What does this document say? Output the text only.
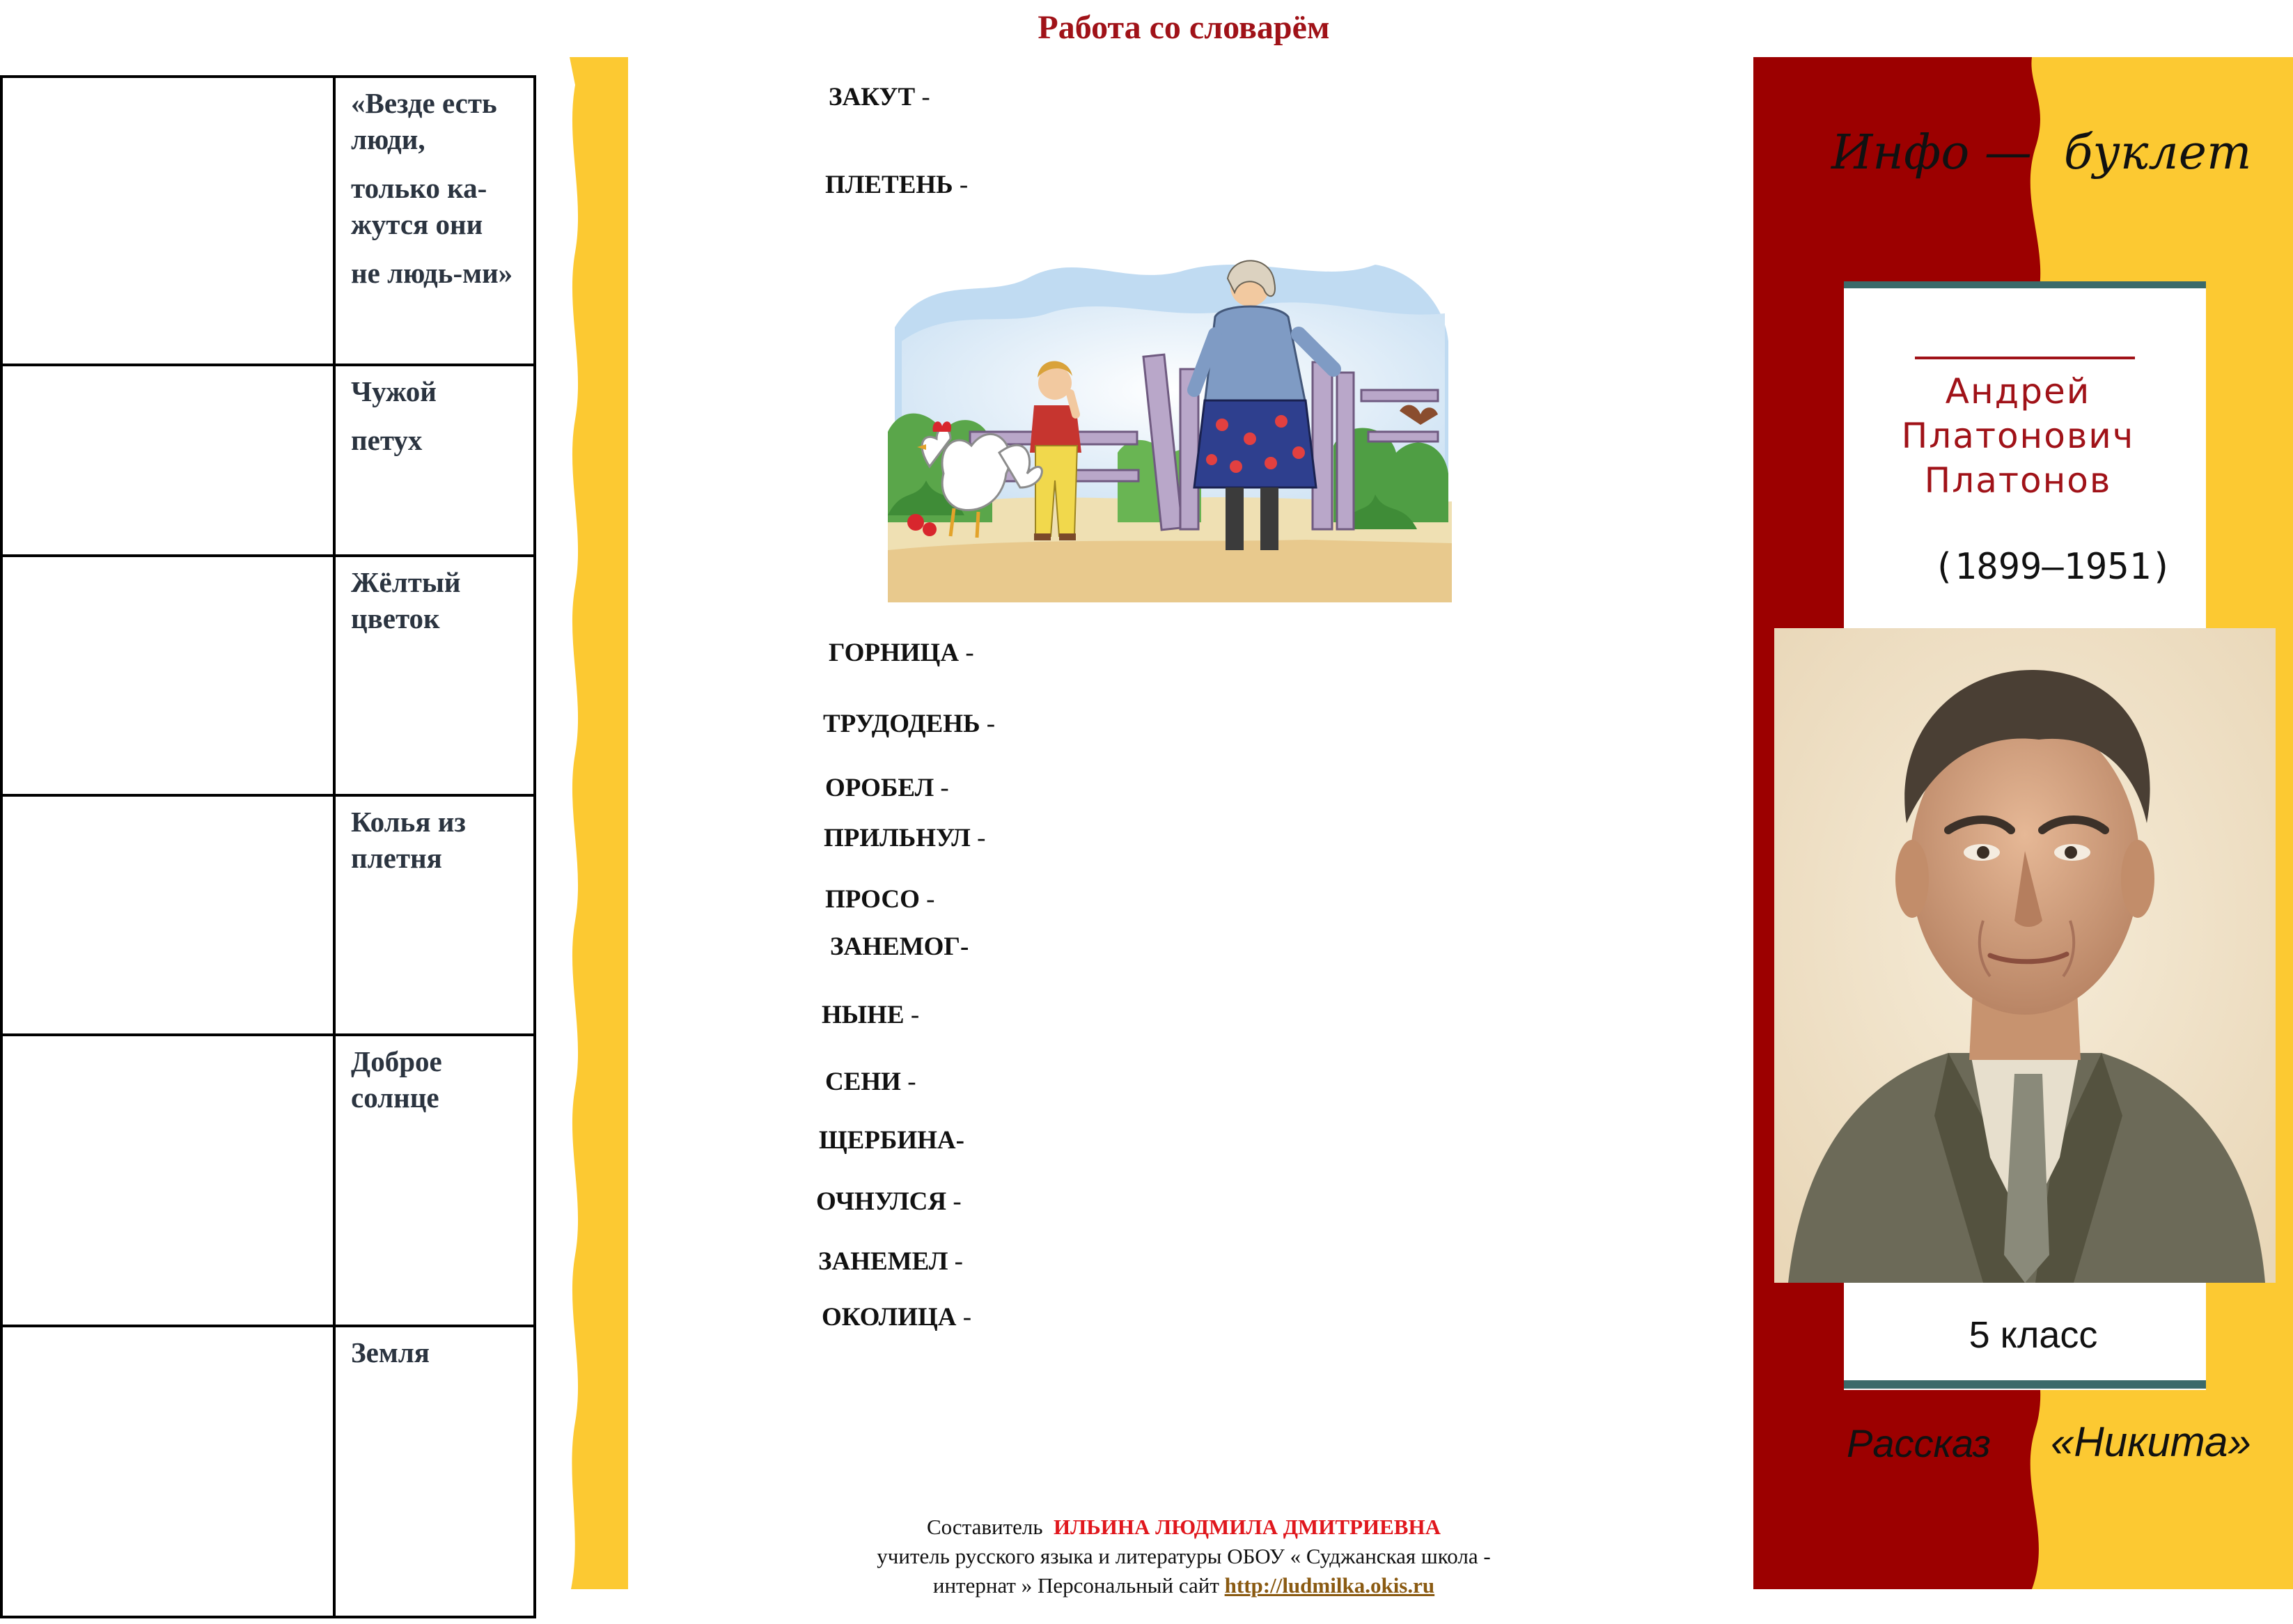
Работа со словарём

	«Везде есть люди,

только ка-жутся они

не людь-ми»

	Чужой

петух

	Жёлтый цветок

	Колья из плетня

	Доброе солнце

	Земля

ЗАКУТ -
ПЛЕТЕНЬ -
ГОРНИЦА -
ТРУДОДЕНЬ -
ОРОБЕЛ -
ПРИЛЬНУЛ -
ПРОСО -
ЗАНЕМОГ-
НЫНЕ -
СЕНИ -
ЩЕРБИНА-
ОЧНУЛСЯ -
ЗАНЕМЕЛ -
ОКОЛИЦА -
Составитель ИЛЬИНА ЛЮДМИЛА ДМИТРИЕВНА
учитель русского языка и литературы ОБОУ « Суджанская школа -
интернат » Персональный сайт http://ludmilka.okis.ru
Инфо — буклет
Андрей
Платонович
Платонов
(1899—1951)
5 класс
Рассказ «Никита»
